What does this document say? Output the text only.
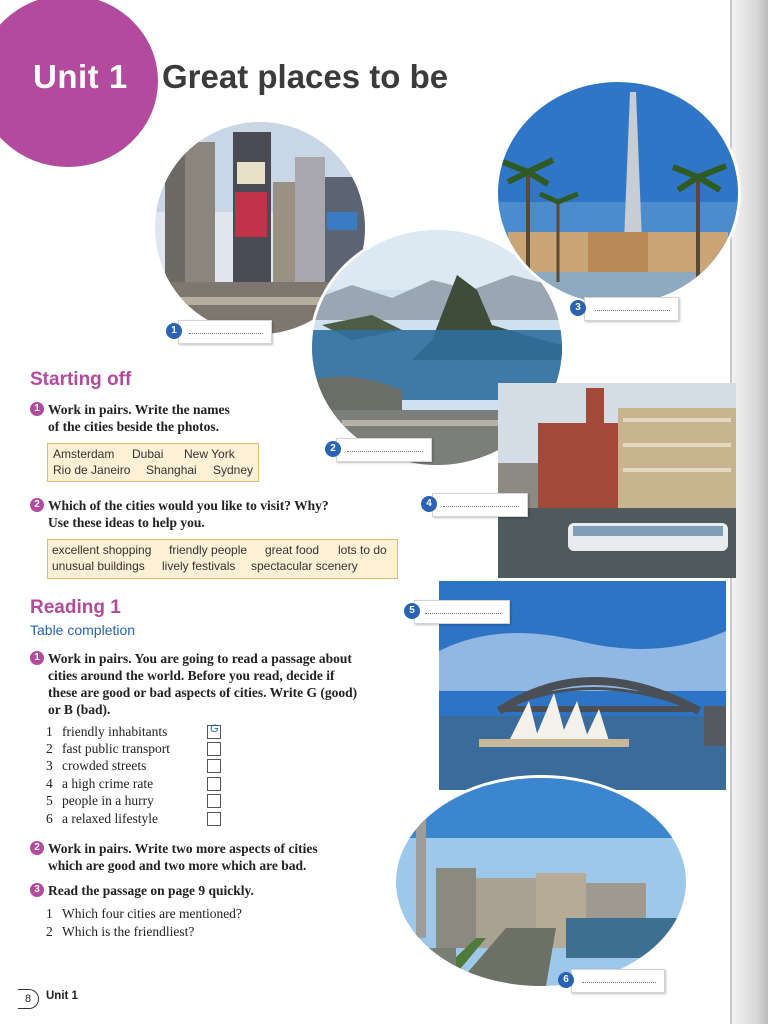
Unit 1 Great places to be
1
2
3
4
5
6
Starting off
1 Work in pairs. Write the names
of the cities beside the photos.
Amsterdam Dubai New York
Rio de Janeiro Shanghai Sydney
2 Which of the cities would you like to visit? Why?
Use these ideas to help you.
excellent shopping friendly people great food lots to do
unusual buildings lively festivals spectacular scenery
Reading 1
Table completion
1 Work in pairs. You are going to read a passage about
cities around the world. Before you read, decide if
these are good or bad aspects of cities. Write G (good)
or B (bad).
1 friendly inhabitants
2 fast public transport
3 crowded streets
4 a high crime rate
5 people in a hurry
6 a relaxed lifestyle
G
2 Work in pairs. Write two more aspects of cities
which are good and two more which are bad.
3 Read the passage on page 9 quickly.
1 Which four cities are mentioned?
2 Which is the friendliest?
8	Unit 1
